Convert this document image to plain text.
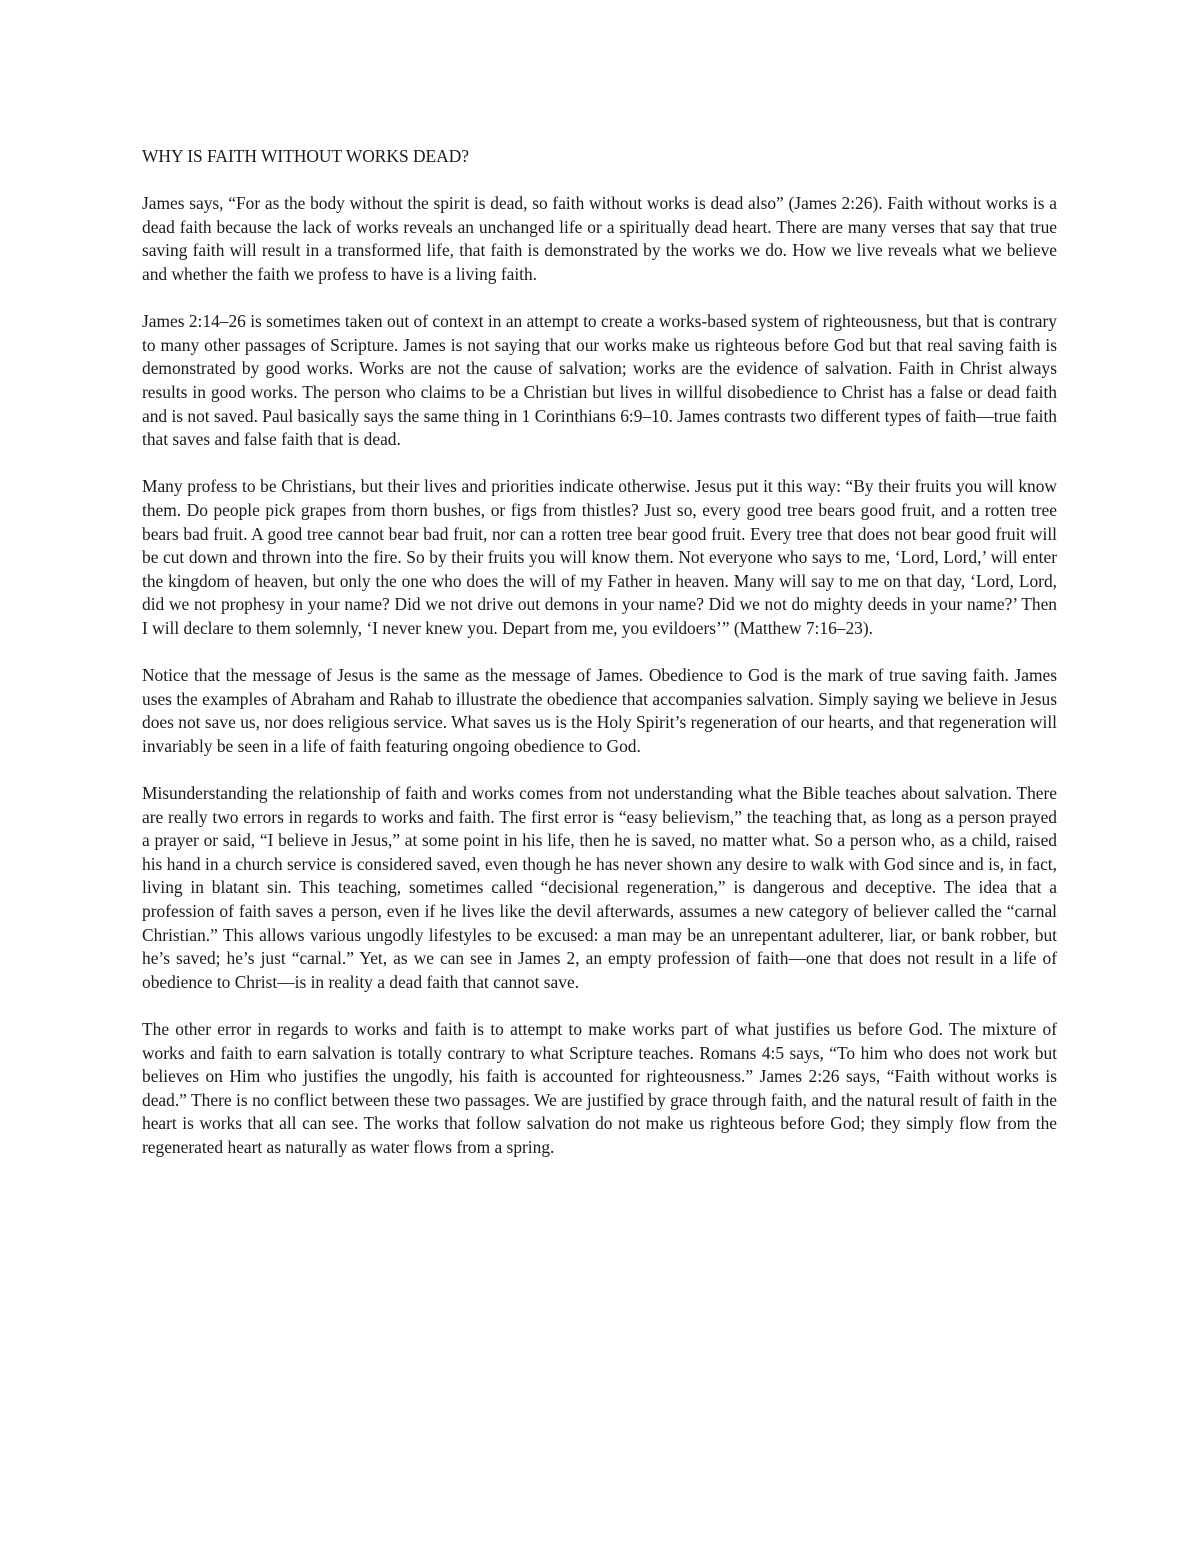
WHY IS FAITH WITHOUT WORKS DEAD?

James says, “For as the body without the spirit is dead, so faith without works is dead also” (James 2:26). Faith without works is a dead faith because the lack of works reveals an unchanged life or a spiritually dead heart. There are many verses that say that true saving faith will result in a transformed life, that faith is demonstrated by the works we do. How we live reveals what we believe and whether the faith we profess to have is a living faith.

James 2:14–26 is sometimes taken out of context in an attempt to create a works-based system of righteousness, but that is contrary to many other passages of Scripture. James is not saying that our works make us righteous before God but that real saving faith is demonstrated by good works. Works are not the cause of salvation; works are the evidence of salvation. Faith in Christ always results in good works. The person who claims to be a Christian but lives in willful disobedience to Christ has a false or dead faith and is not saved. Paul basically says the same thing in 1 Corinthians 6:9–10. James contrasts two different types of faith—true faith that saves and false faith that is dead.

Many profess to be Christians, but their lives and priorities indicate otherwise. Jesus put it this way: “By their fruits you will know them. Do people pick grapes from thorn bushes, or figs from thistles? Just so, every good tree bears good fruit, and a rotten tree bears bad fruit. A good tree cannot bear bad fruit, nor can a rotten tree bear good fruit. Every tree that does not bear good fruit will be cut down and thrown into the fire. So by their fruits you will know them. Not everyone who says to me, ‘Lord, Lord,’ will enter the kingdom of heaven, but only the one who does the will of my Father in heaven. Many will say to me on that day, ‘Lord, Lord, did we not prophesy in your name? Did we not drive out demons in your name? Did we not do mighty deeds in your name?’ Then I will declare to them solemnly, ‘I never knew you. Depart from me, you evildoers’” (Matthew 7:16–23).

Notice that the message of Jesus is the same as the message of James. Obedience to God is the mark of true saving faith. James uses the examples of Abraham and Rahab to illustrate the obedience that accompanies salvation. Simply saying we believe in Jesus does not save us, nor does religious service. What saves us is the Holy Spirit’s regeneration of our hearts, and that regeneration will invariably be seen in a life of faith featuring ongoing obedience to God.

Misunderstanding the relationship of faith and works comes from not understanding what the Bible teaches about salvation. There are really two errors in regards to works and faith. The first error is “easy believism,” the teaching that, as long as a person prayed a prayer or said, “I believe in Jesus,” at some point in his life, then he is saved, no matter what. So a person who, as a child, raised his hand in a church service is considered saved, even though he has never shown any desire to walk with God since and is, in fact, living in blatant sin. This teaching, sometimes called “decisional regeneration,” is dangerous and deceptive. The idea that a profession of faith saves a person, even if he lives like the devil afterwards, assumes a new category of believer called the “carnal Christian.” This allows various ungodly lifestyles to be excused: a man may be an unrepentant adulterer, liar, or bank robber, but he’s saved; he’s just “carnal.” Yet, as we can see in James 2, an empty profession of faith—one that does not result in a life of obedience to Christ—is in reality a dead faith that cannot save.

The other error in regards to works and faith is to attempt to make works part of what justifies us before God. The mixture of works and faith to earn salvation is totally contrary to what Scripture teaches. Romans 4:5 says, “To him who does not work but believes on Him who justifies the ungodly, his faith is accounted for righteousness.” James 2:26 says, “Faith without works is dead.” There is no conflict between these two passages. We are justified by grace through faith, and the natural result of faith in the heart is works that all can see. The works that follow salvation do not make us righteous before God; they simply flow from the regenerated heart as naturally as water flows from a spring.
